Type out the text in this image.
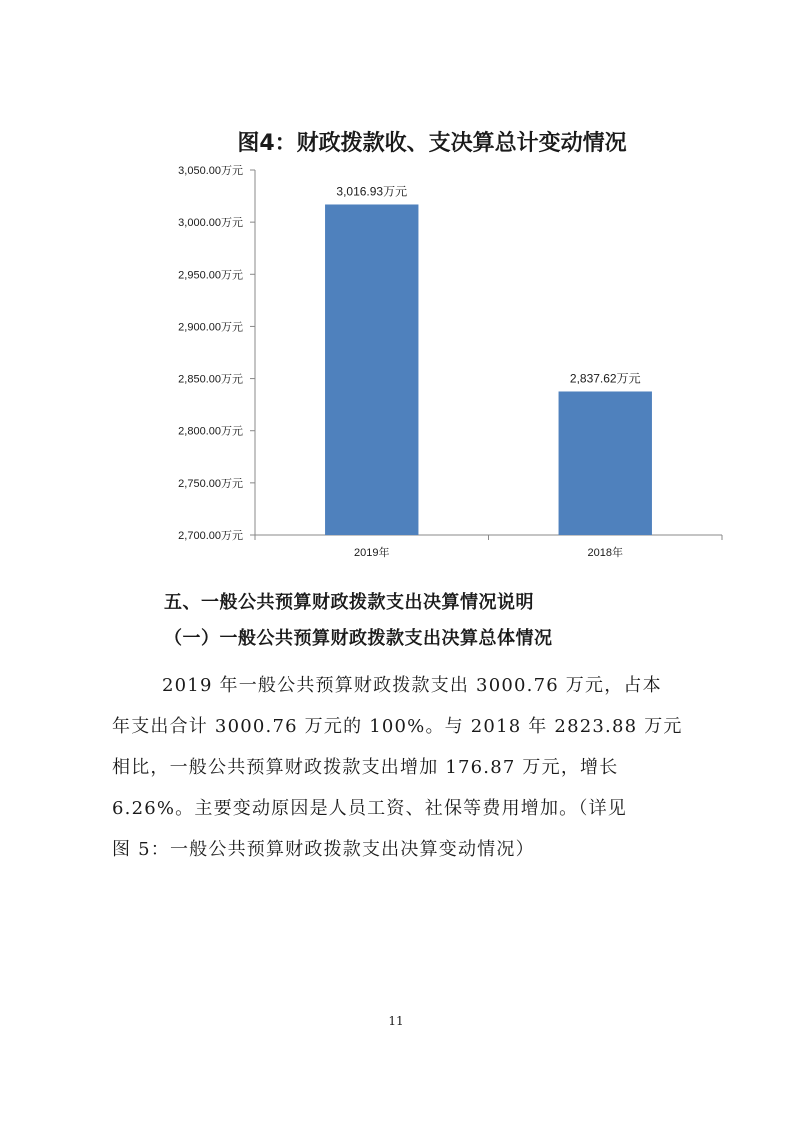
图4：财政拨款收、支决算总计变动情况
2,700.00万元
2,750.00万元
2,800.00万元
2,850.00万元
2,900.00万元
2,950.00万元
3,000.00万元
3,050.00万元
3,016.93万元
2,837.62万元
2019年	2018年
五、一般公共预算财政拨款支出决算情况说明
（一）一般公共预算财政拨款支出决算总体情况
2019 年一般公共预算财政拨款支出 3000.76 万元，占本
年支出合计 3000.76 万元的 100%。与 2018 年 2823.88 万元
相比，一般公共预算财政拨款支出增加 176.87 万元，增长
6.26%。主要变动原因是人员工资、社保等费用增加。（详见
图 5：一般公共预算财政拨款支出决算变动情况）
11
